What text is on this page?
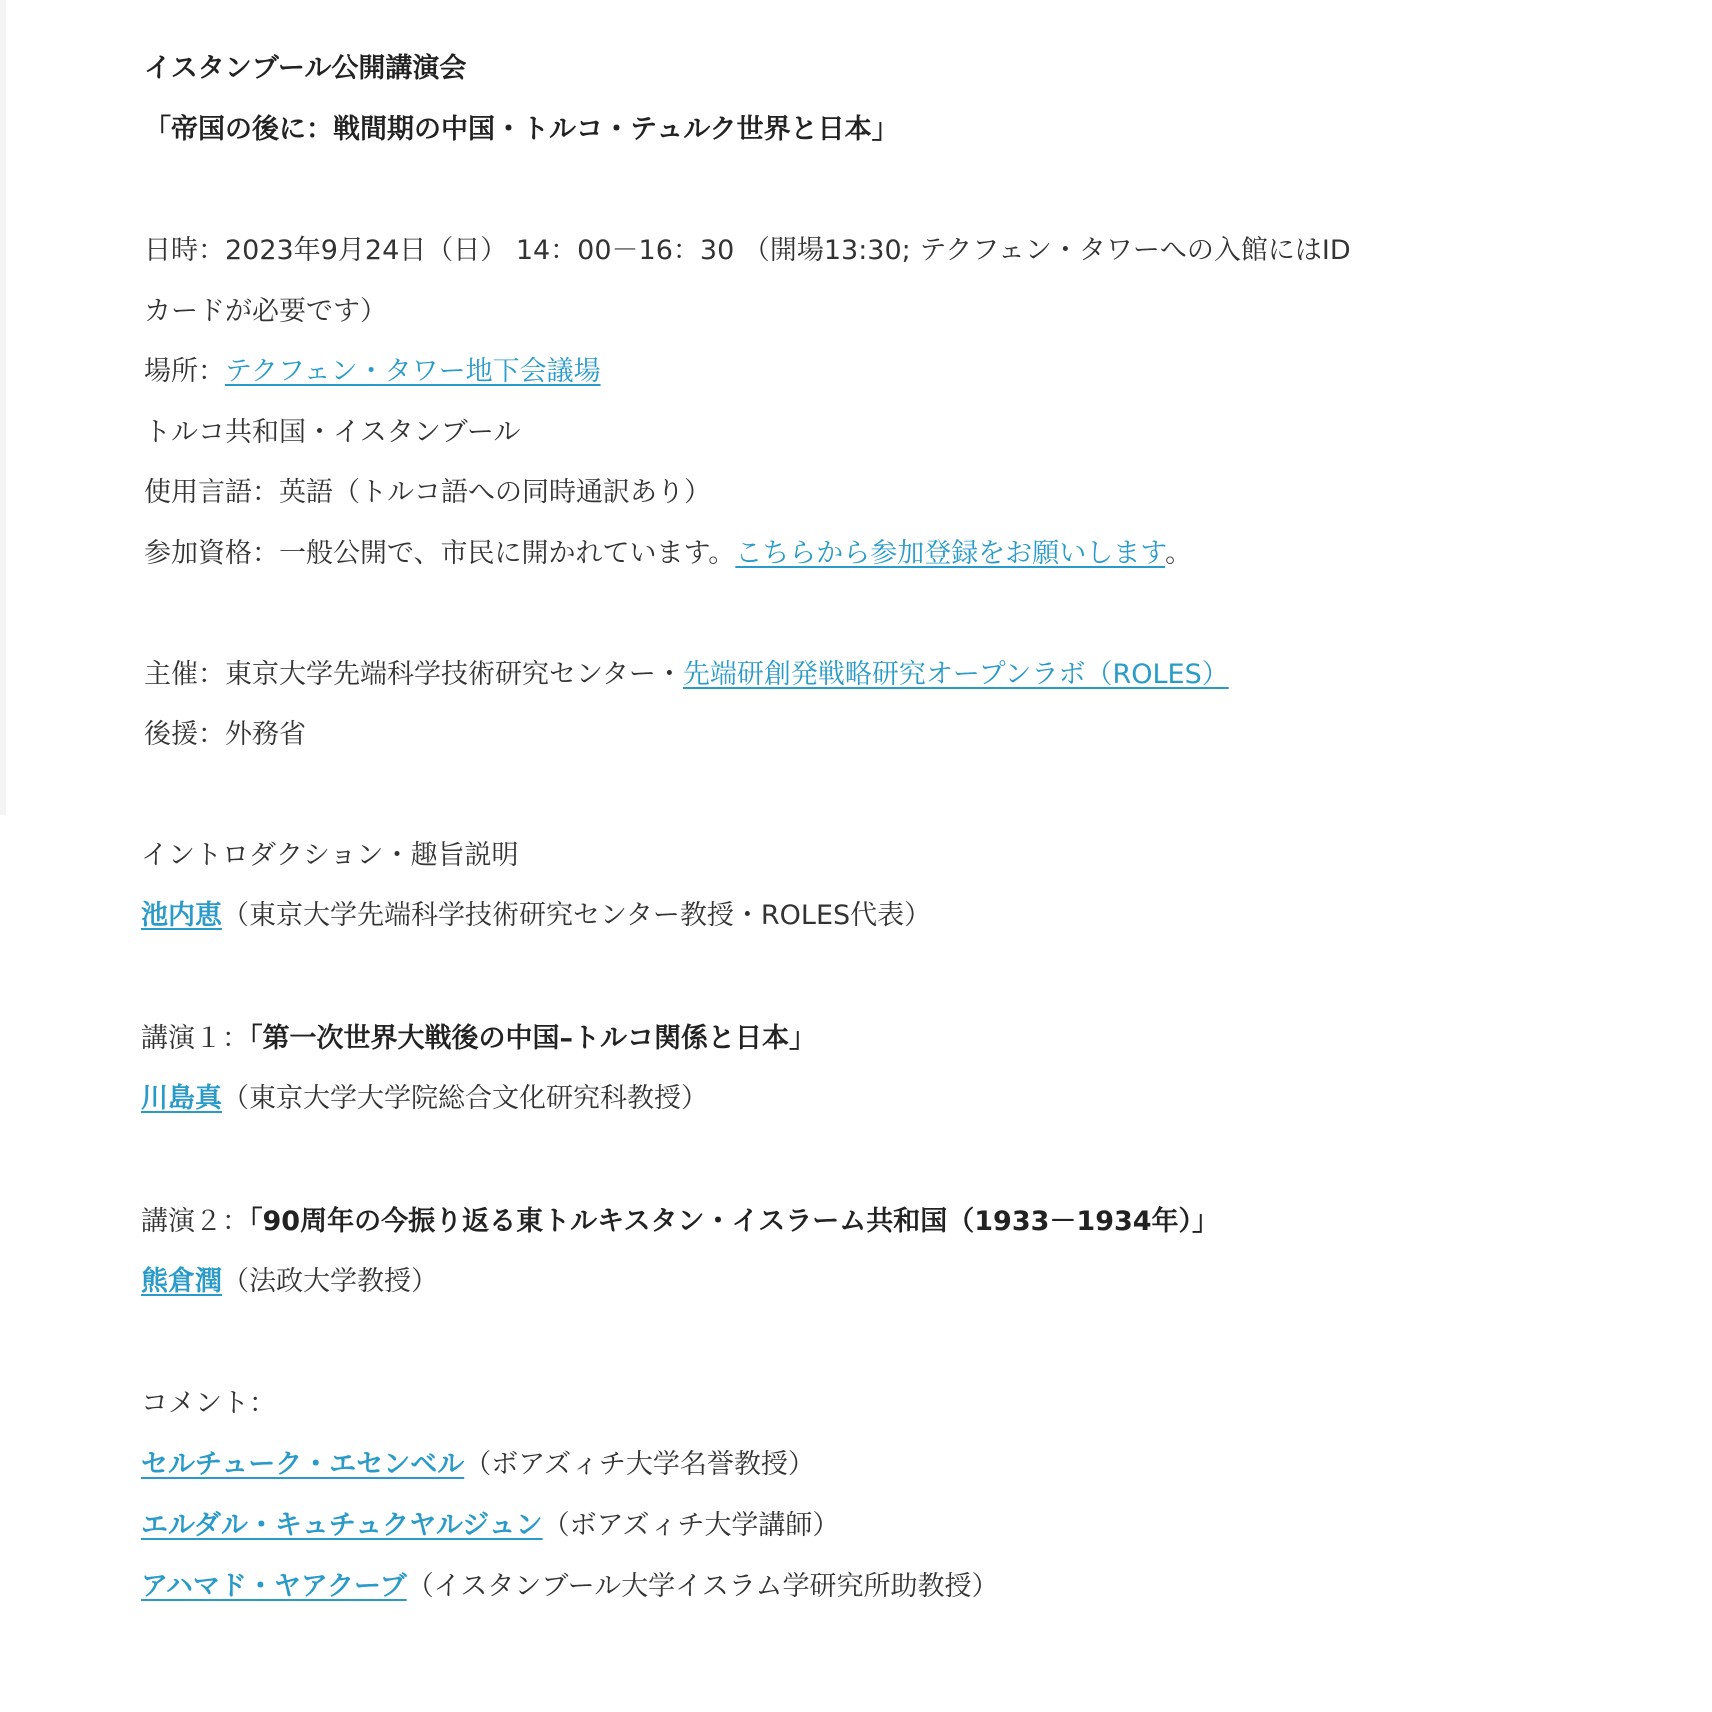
イスタンブール公開講演会
「帝国の後に：戦間期の中国・トルコ・テュルク世界と日本」
日時：2023年9月24日（日） 14：00－16：30 （開場13:30; テクフェン・タワーへの入館にはID
カードが必要です）
場所：テクフェン・タワー地下会議場
トルコ共和国・イスタンブール
使用言語：英語（トルコ語への同時通訳あり）
参加資格：一般公開で、市民に開かれています。こちらから参加登録をお願いします。
主催：東京大学先端科学技術研究センター・先端研創発戦略研究オープンラボ（ROLES）
後援：外務省
イントロダクション・趣旨説明
池内恵（東京大学先端科学技術研究センター教授・ROLES代表）
講演１：「第一次世界大戦後の中国–トルコ関係と日本」
川島真（東京大学大学院総合文化研究科教授）
講演２：「90周年の今振り返る東トルキスタン・イスラーム共和国（1933－1934年）」
熊倉潤（法政大学教授）
コメント：
セルチューク・エセンベル（ボアズィチ大学名誉教授）
エルダル・キュチュクヤルジュン（ボアズィチ大学講師）
アハマド・ヤアクーブ（イスタンブール大学イスラム学研究所助教授）
